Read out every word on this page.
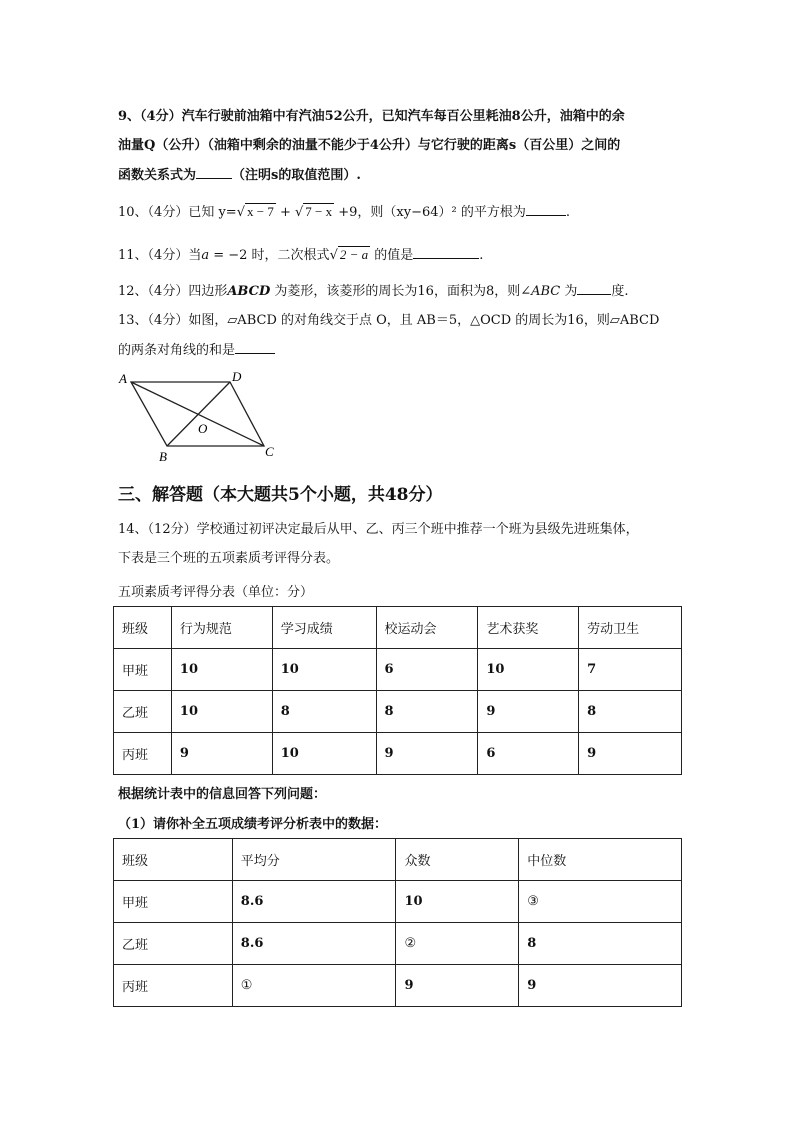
9、（4分）汽车行驶前油箱中有汽油52公升，已知汽车每百公里耗油8公升，油箱中的余
油量Q（公升）（油箱中剩余的油量不能少于4公升）与它行驶的距离s（百公里）之间的
函数关系式为	（注明s的取值范围）.
10、（4分）已知 y=√ x − 7 + √ 7 − x +9，则（xy−64）² 的平方根为	.
11、（4分）当a = −2 时，二次根式√ 2 − a 的值是	.
12、（4分）四边形ABCD 为菱形，该菱形的周长为16，面积为8，则∠ABC 为	度.
13、（4分）如图，▱ABCD 的对角线交于点 O，且 AB＝5，△OCD 的周长为16，则▱ABCD
的两条对角线的和是
A	D
O
B	C
三、解答题（本大题共5个小题，共48分）
14、（12分）学校通过初评决定最后从甲、乙、丙三个班中推荐一个班为县级先进班集体，
下表是三个班的五项素质考评得分表。
五项素质考评得分表（单位：分）
班级	行为规范	学习成绩	校运动会	艺术获奖	劳动卫生
甲班	10	10	6	10	7
乙班	10	8	8	9	8
丙班	9	10	9	6	9
根据统计表中的信息回答下列问题：
（1）请你补全五项成绩考评分析表中的数据：
班级	平均分	众数	中位数
甲班	8.6	10	③
乙班	8.6	②	8
丙班	①	9	9
